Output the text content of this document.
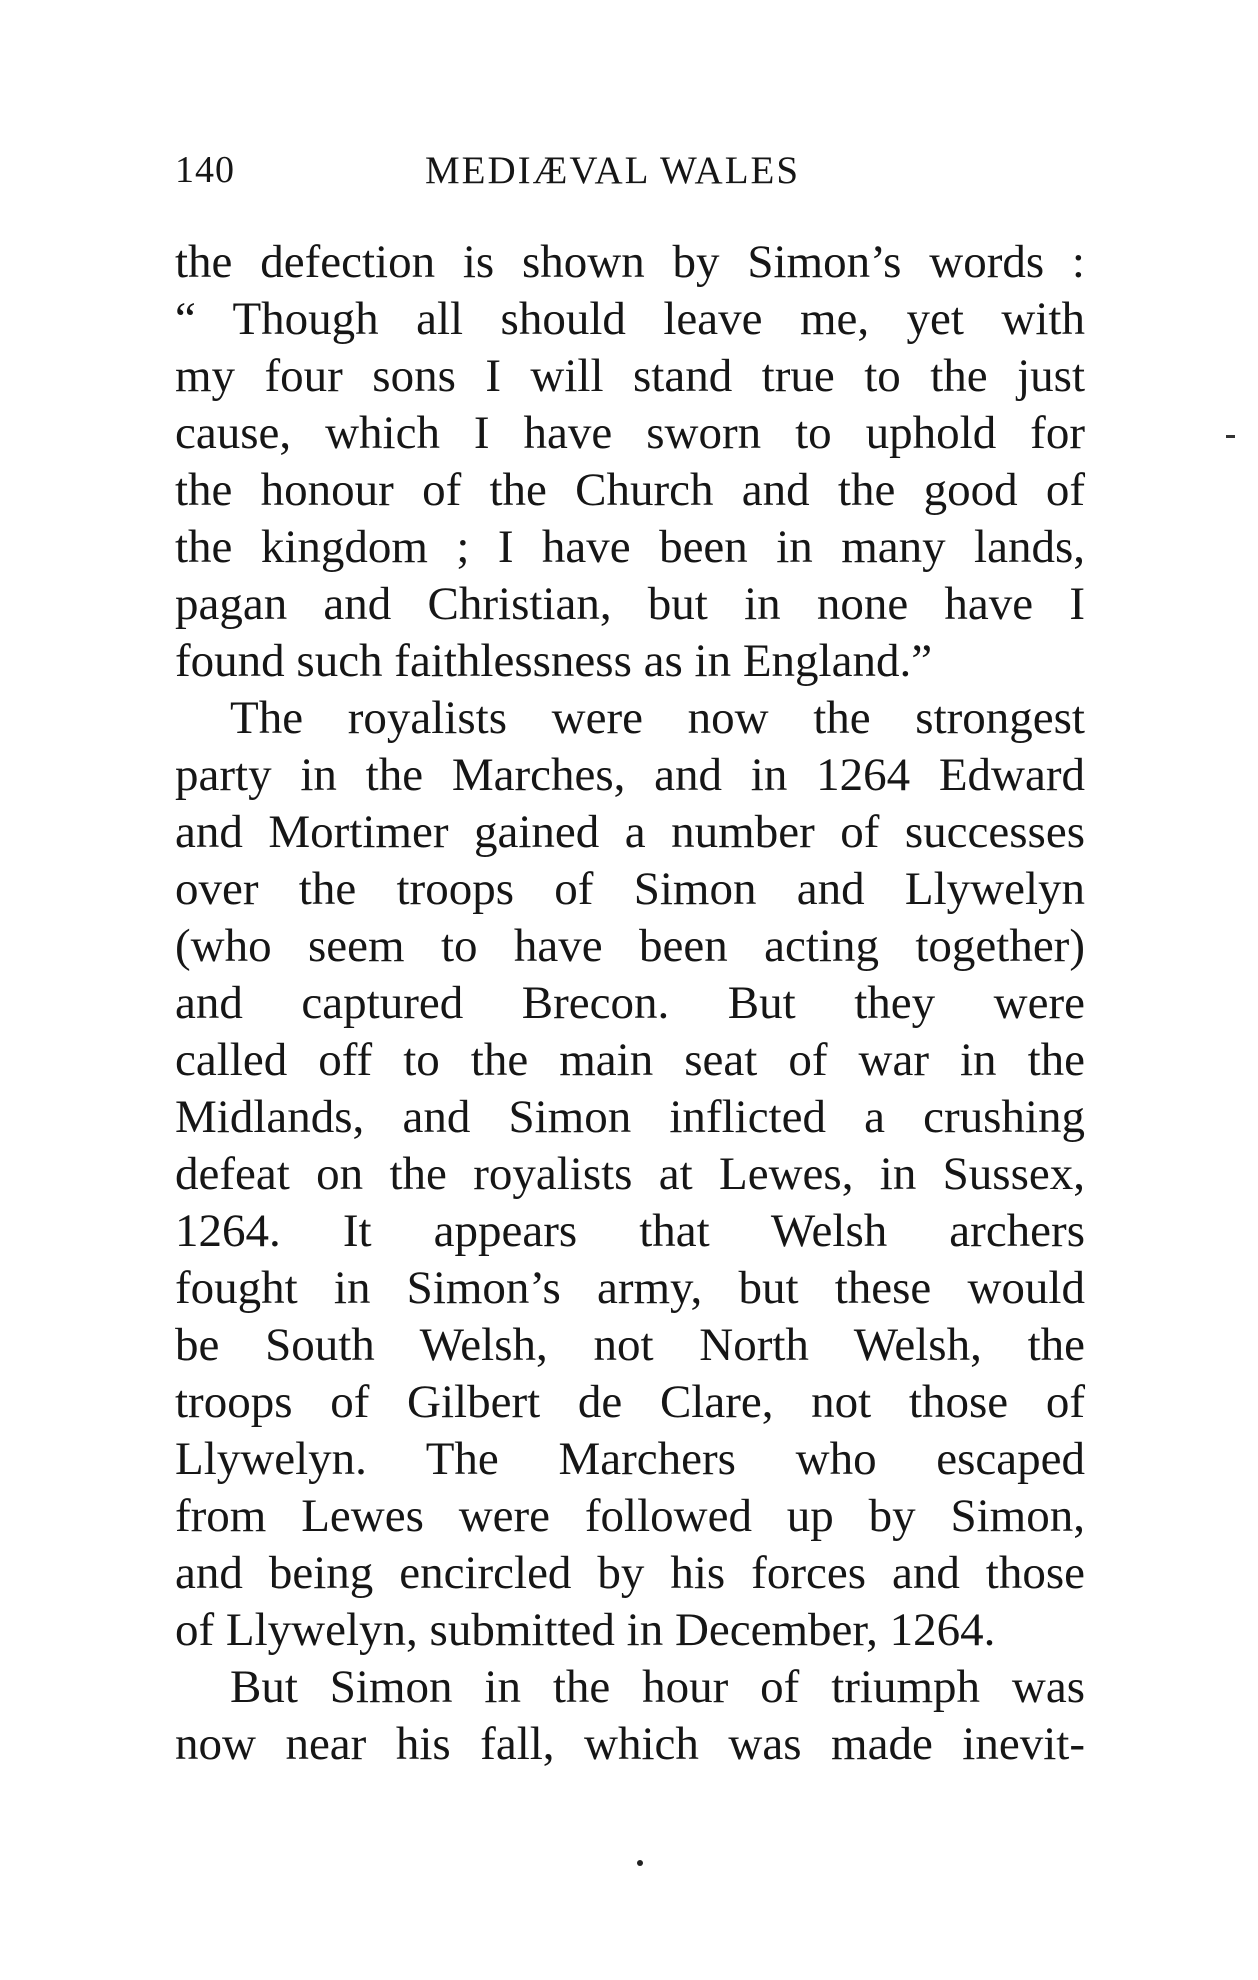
140	MEDIÆVAL WALES
the defection is shown by Simon’s words :
“ Though all should leave me, yet with
my four sons I will stand true to the just
cause, which I have sworn to uphold for
the honour of the Church and the good of
the kingdom ; I have been in many lands,
pagan and Christian, but in none have I
found such faithlessness as in England.”
The royalists were now the strongest
party in the Marches, and in 1264 Edward
and Mortimer gained a number of successes
over the troops of Simon and Llywelyn
(who seem to have been acting together)
and captured Brecon. But they were
called off to the main seat of war in the
Midlands, and Simon inflicted a crushing
defeat on the royalists at Lewes, in Sussex,
1264. It appears that Welsh archers
fought in Simon’s army, but these would
be South Welsh, not North Welsh, the
troops of Gilbert de Clare, not those of
Llywelyn. The Marchers who escaped
from Lewes were followed up by Simon,
and being encircled by his forces and those
of Llywelyn, submitted in December, 1264.
But Simon in the hour of triumph was
now near his fall, which was made inevit-
